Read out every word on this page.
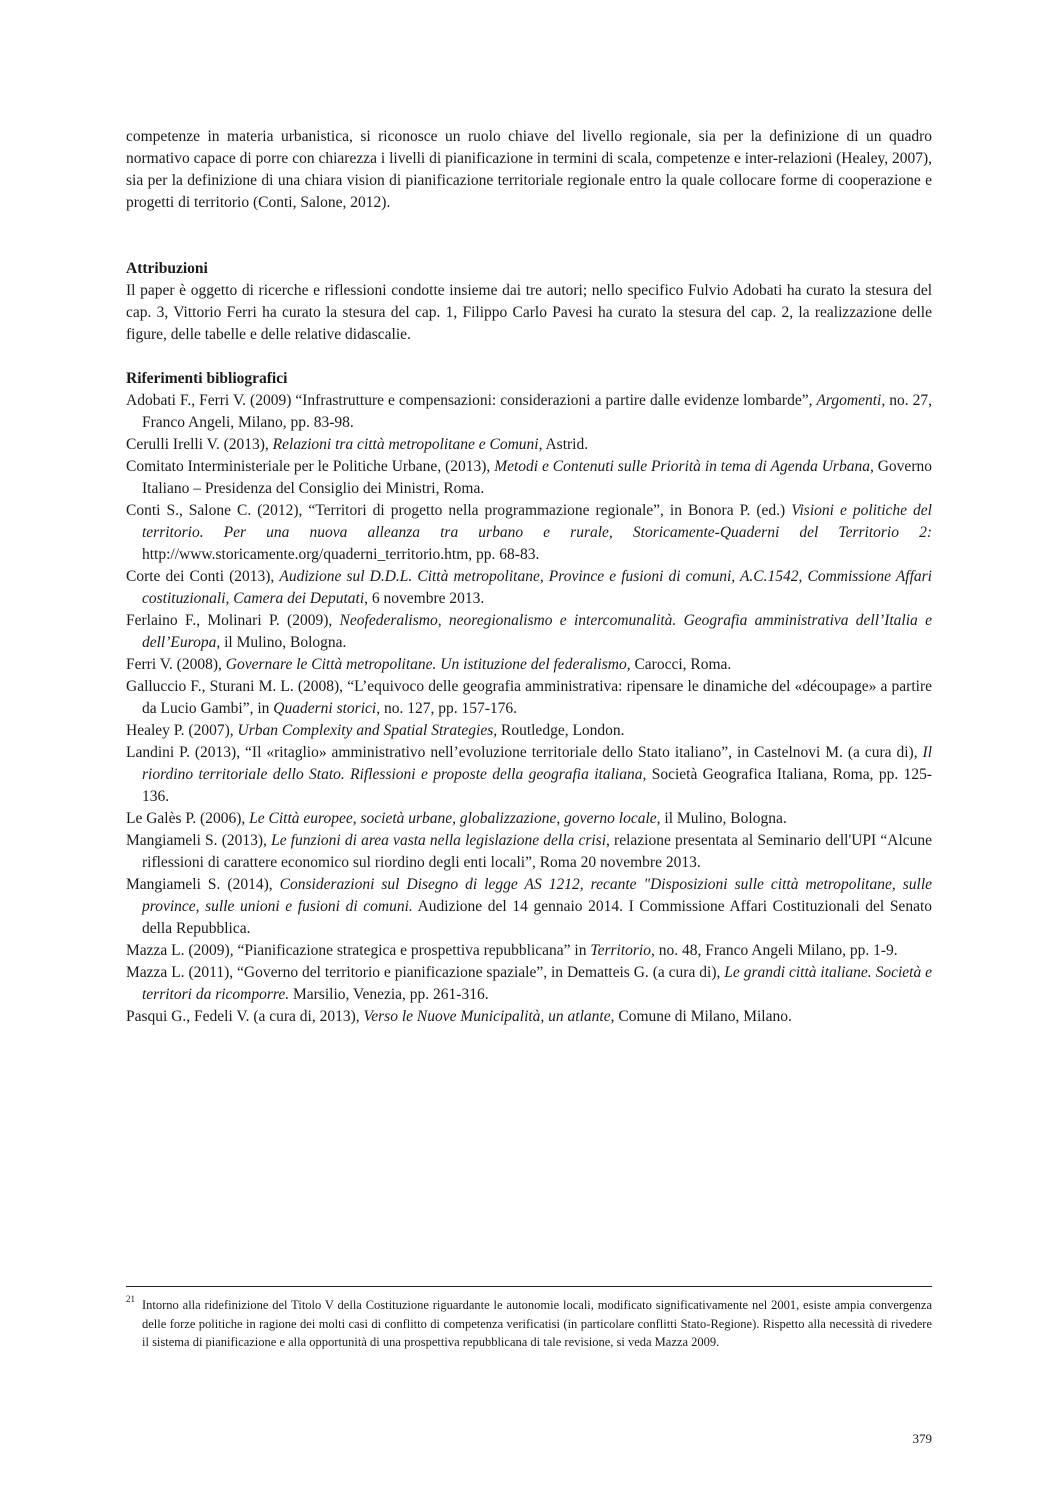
competenze in materia urbanistica, si riconosce un ruolo chiave del livello regionale, sia per la definizione di un quadro normativo capace di porre con chiarezza i livelli di pianificazione in termini di scala, competenze e inter-relazioni (Healey, 2007), sia per la definizione di una chiara vision di pianificazione territoriale regionale entro la quale collocare forme di cooperazione e progetti di territorio (Conti, Salone, 2012).

Attribuzioni

Il paper è oggetto di ricerche e riflessioni condotte insieme dai tre autori; nello specifico Fulvio Adobati ha curato la stesura del cap. 3, Vittorio Ferri ha curato la stesura del cap. 1, Filippo Carlo Pavesi ha curato la stesura del cap. 2, la realizzazione delle figure, delle tabelle e delle relative didascalie.

Riferimenti bibliografici

Adobati F., Ferri V. (2009) “Infrastrutture e compensazioni: considerazioni a partire dalle evidenze lombarde”, Argomenti, no. 27, Franco Angeli, Milano, pp. 83-98.

Cerulli Irelli V. (2013), Relazioni tra città metropolitane e Comuni, Astrid.

Comitato Interministeriale per le Politiche Urbane, (2013), Metodi e Contenuti sulle Priorità in tema di Agenda Urbana, Governo Italiano – Presidenza del Consiglio dei Ministri, Roma.

Conti S., Salone C. (2012), “Territori di progetto nella programmazione regionale”, in Bonora P. (ed.) Visioni e politiche del territorio. Per una nuova alleanza tra urbano e rurale, Storicamente-Quaderni del Territorio 2: http://www.storicamente.org/quaderni_territorio.htm, pp. 68-83.

Corte dei Conti (2013), Audizione sul D.D.L. Città metropolitane, Province e fusioni di comuni, A.C.1542, Commissione Affari costituzionali, Camera dei Deputati, 6 novembre 2013.

Ferlaino F., Molinari P. (2009), Neofederalismo, neoregionalismo e intercomunalità. Geografia amministrativa dell’Italia e dell’Europa, il Mulino, Bologna.

Ferri V. (2008), Governare le Città metropolitane. Un istituzione del federalismo, Carocci, Roma.

Galluccio F., Sturani M. L. (2008), “L’equivoco delle geografia amministrativa: ripensare le dinamiche del «découpage» a partire da Lucio Gambi”, in Quaderni storici, no. 127, pp. 157-176.

Healey P. (2007), Urban Complexity and Spatial Strategies, Routledge, London.

Landini P. (2013), “Il «ritaglio» amministrativo nell’evoluzione territoriale dello Stato italiano”, in Castelnovi M. (a cura di), Il riordino territoriale dello Stato. Riflessioni e proposte della geografia italiana, Società Geografica Italiana, Roma, pp. 125-136.

Le Galès P. (2006), Le Città europee, società urbane, globalizzazione, governo locale, il Mulino, Bologna.

Mangiameli S. (2013), Le funzioni di area vasta nella legislazione della crisi, relazione presentata al Seminario dell'UPI “Alcune riflessioni di carattere economico sul riordino degli enti locali”, Roma 20 novembre 2013.

Mangiameli S. (2014), Considerazioni sul Disegno di legge AS 1212, recante "Disposizioni sulle città metropolitane, sulle province, sulle unioni e fusioni di comuni. Audizione del 14 gennaio 2014. I Commissione Affari Costituzionali del Senato della Repubblica.

Mazza L. (2009), “Pianificazione strategica e prospettiva repubblicana” in Territorio, no. 48, Franco Angeli Milano, pp. 1-9.

Mazza L. (2011), “Governo del territorio e pianificazione spaziale”, in Dematteis G. (a cura di), Le grandi città italiane. Società e territori da ricomporre. Marsilio, Venezia, pp. 261-316.

Pasqui G., Fedeli V. (a cura di, 2013), Verso le Nuove Municipalità, un atlante, Comune di Milano, Milano.

21 Intorno alla ridefinizione del Titolo V della Costituzione riguardante le autonomie locali, modificato significativamente nel 2001, esiste ampia convergenza delle forze politiche in ragione dei molti casi di conflitto di competenza verificatisi (in particolare conflitti Stato-Regione). Rispetto alla necessità di rivedere il sistema di pianificazione e alla opportunità di una prospettiva repubblicana di tale revisione, si veda Mazza 2009.
379
